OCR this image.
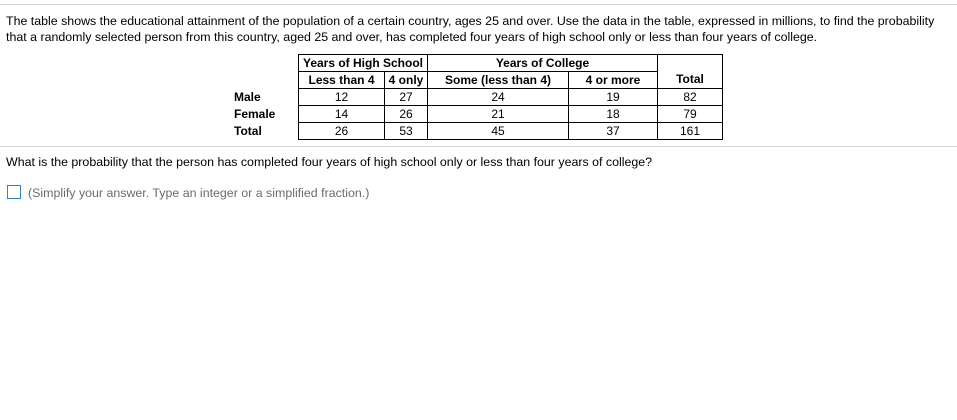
The table shows the educational attainment of the population of a certain country, ages 25 and over. Use the data in the table, expressed in millions, to find the probability that a randomly selected person from this country, aged 25 and over, has completed four years of high school only or less than four years of college.
	Years of High School		Years of College		
	Less than 4	4 only	Some (less than 4)	4 or more	Total
Male	12	27	24	19	82
Female	14	26	21	18	79
Total	26	53	45	37	161
What is the probability that the person has completed four years of high school only or less than four years of college?
(Simplify your answer. Type an integer or a simplified fraction.)
